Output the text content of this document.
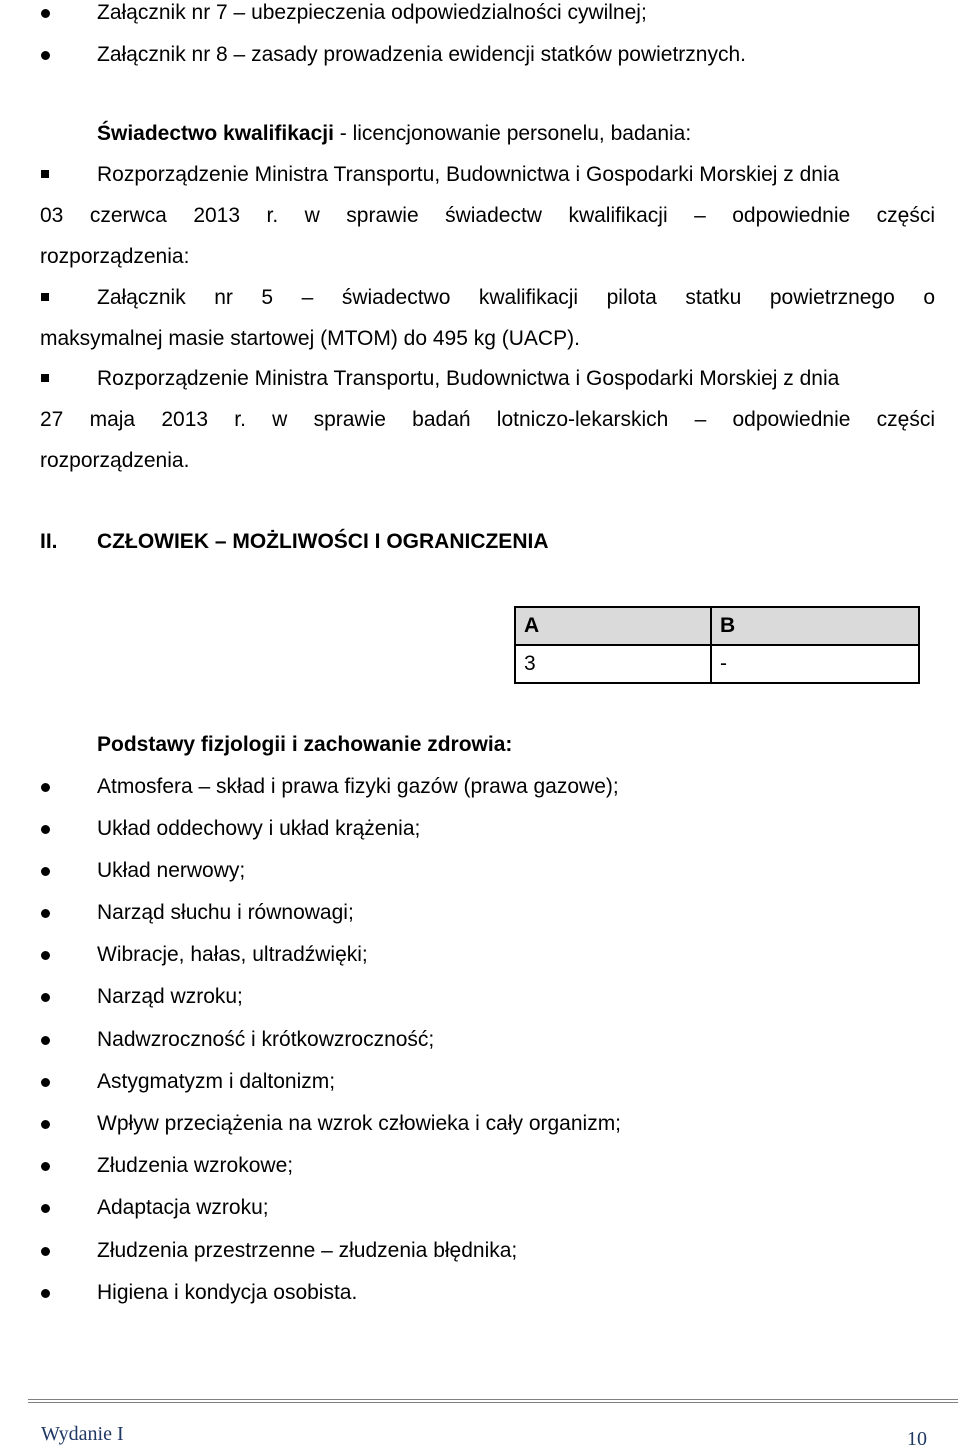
Załącznik nr 7 – ubezpieczenia odpowiedzialności cywilnej;
Załącznik nr 8 – zasady prowadzenia ewidencji statków powietrznych.
Świadectwo kwalifikacji - licencjonowanie personelu, badania:
Rozporządzenie Ministra Transportu, Budownictwa i Gospodarki Morskiej z dnia
03 czerwca 2013 r. w sprawie świadectw kwalifikacji – odpowiednie części
rozporządzenia:
Załącznik nr 5 – świadectwo kwalifikacji pilota statku powietrznego o
maksymalnej masie startowej (MTOM) do 495 kg (UACP).
Rozporządzenie Ministra Transportu, Budownictwa i Gospodarki Morskiej z dnia
27 maja 2013 r. w sprawie badań lotniczo-lekarskich – odpowiednie części
rozporządzenia.
II. CZŁOWIEK – MOŻLIWOŚCI I OGRANICZENIA
A	B
3	-
Podstawy fizjologii i zachowanie zdrowia:
Atmosfera – skład i prawa fizyki gazów (prawa gazowe);
Układ oddechowy i układ krążenia;
Układ nerwowy;
Narząd słuchu i równowagi;
Wibracje, hałas, ultradźwięki;
Narząd wzroku;
Nadwzroczność i krótkowzroczność;
Astygmatyzm i daltonizm;
Wpływ przeciążenia na wzrok człowieka i cały organizm;
Złudzenia wzrokowe;
Adaptacja wzroku;
Złudzenia przestrzenne – złudzenia błędnika;
Higiena i kondycja osobista.
Wydanie I	10
